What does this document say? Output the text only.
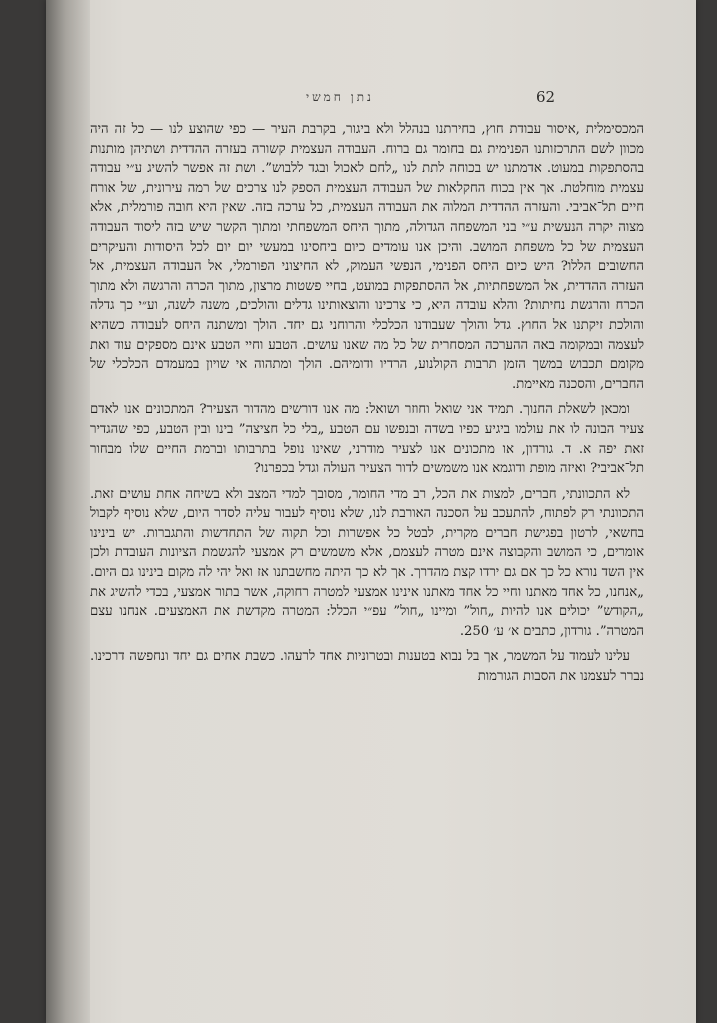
נתן חמשי	62

המכסימלית ,איסור עבודת חוץ, בחירתנו בנהלל ולא ביגור, בקרבת העיר — כפי שהוצע לנו — כל זה היה מכוון לשם התרכזותנו הפנימית גם בחומר גם ברוח. העבודה העצמית קשורה בעזרה ההדדית ושתיהן מותנות בהסתפקות במעוט. אדמתנו יש בכוחה לתת לנו „לחם לאכול ובגד ללבוש”. ושת זה אפשר להשיג ע״י עבודה עצמית מוחלטת. אך אין בכוח החקלאות של העבודה העצמית הספק לנו צרכים של רמה עירונית, של אורח חיים תל־אביבי. והעזרה ההדדית המלוה את העבודה העצמית, כל ערכה בזה. שאין היא חובה פורמלית, אלא מצוה יקרה הנעשית ע״י בני המשפחה הגדולה, מתוך היחס המשפחתי ומתוך הקשר שיש בזה ליסוד העבודה העצמית של כל משפחת המושב. והיכן אנו עומדים כיום ביחסינו במעשי יום יום לכל היסודות והעיקרים החשובים הללו? היש כיום היחס הפנימי, הנפשי העמוק, לא החיצוני הפורמלי, אל העבודה העצמית, אל העזרה ההדדית, אל המשפחתיות, אל ההסתפקות במועט, בחיי פשטות מרצון, מתוך הכרה והרגשה ולא מתוך הכרח והרגשת נחיתות? והלא עובדה היא, כי צרכינו והוצאותינו גדלים והולכים, משנה לשנה, וע״י כך גדלה והולכת זיקתנו אל החוץ. גדל והולך שעבודנו הכלכלי והרוחני גם יחד. הולך ומשתנה היחס לעבודה כשהיא לעצמה ובמקומה באה ההערכה המסחרית של כל מה שאנו עושים. הטבע וחיי הטבע אינם מספקים עוד ואת מקומם תכבוש במשך הזמן תרבות הקולנוע, הרדיו ודומיהם. הולך ומתהוה אי שויון במעמדם הכלכלי של החברים, והסכנה מאיימת.

ומכאן לשאלת החנוך. תמיד אני שואל וחוזר ושואל: מה אנו דורשים מהדור הצעיר? המתכונים אנו לאדם צעיר הבונה לו את עולמו ביגיע כפיו בשדה ובנפשו עם הטבע „בלי כל חציצה” בינו ובין הטבע, כפי שהגדיר זאת יפה א. ד. גורדון, או מתכונים אנו לצעיר מודרני, שאינו נופל בתרבותו וברמת החיים שלו מבחור תל־אביבי? ואיזה מופת ודוגמא אנו משמשים לדור הצעיר העולה וגדל בכפרנו?

לא התכוונתי, חברים, למצות את הכל, רב מדי החומר, מסובך למדי המצב ולא בשיחה אחת עושים זאת. התכוונתי רק לפתוח, להתעכב על הסכנה האורבת לנו, שלא נוסיף לעבור עליה לסדר היום, שלא נוסיף לקבול בחשאי, לרטון בפגישת חברים מקרית, לבטל כל אפשרות וכל תקוה של התחדשות והתגברות. יש בינינו אומרים, כי המושב והקבוצה אינם מטרה לעצמם, אלא משמשים רק אמצעי להגשמת הציונות העובדת ולכן אין השד נורא כל כך אם גם ירדו קצת מהדרך. אך לא כך היתה מחשבתנו אז ואל יהי לה מקום בינינו גם היום. „אנחנו, כל אחד מאתנו וחיי כל אחד מאתנו אינינו אמצעי למטרה רחוקה, אשר בתור אמצעי, בכדי להשיג את „הקודש” יכולים אנו להיות „חול” ומיינו „חול” עפ״י הכלל: המטרה מקדשת את האמצעים. אנחנו עצם המטרה”. גורדון, כתבים א׳ ע׳ 250.

עלינו לעמוד על המשמר, אך בל נבוא בטענות ובטרוניות אחד לרעהו. כשבת אחים גם יחד ונחפשה דרכינו. נברר לעצמנו את הסבות הגורמות
